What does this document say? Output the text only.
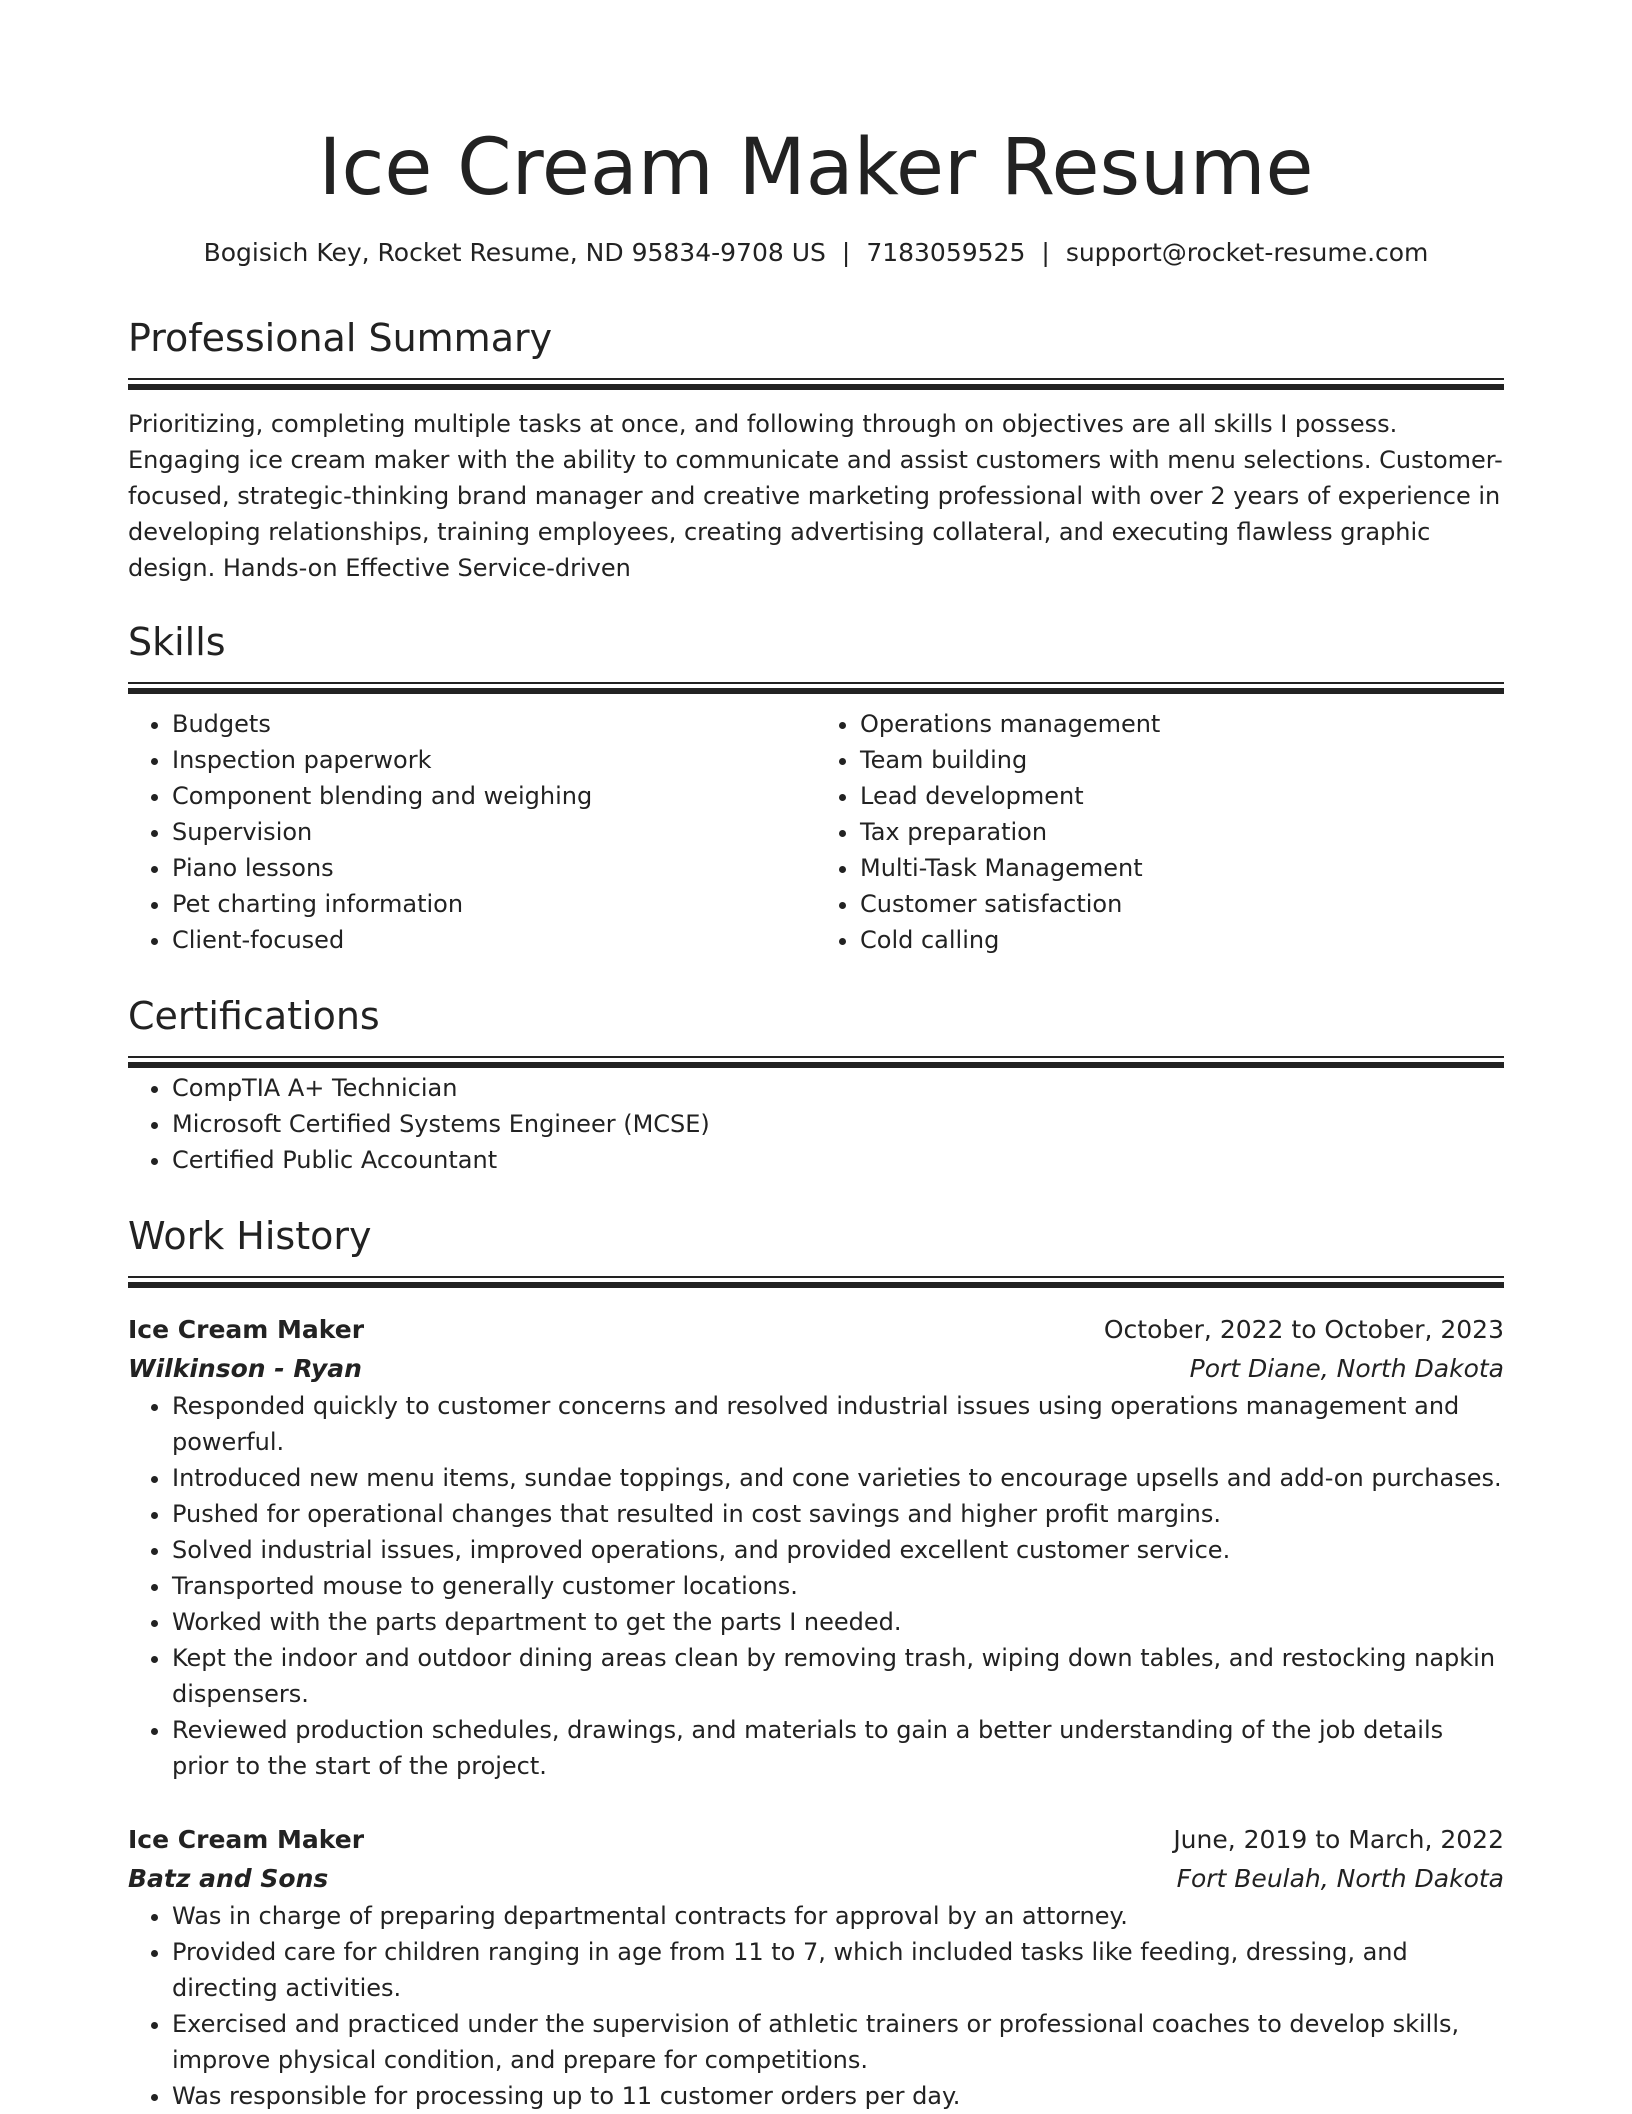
Ice Cream Maker Resume
Bogisich Key, Rocket Resume, ND 95834-9708 US | 7183059525 | support@rocket-resume.com
Professional Summary

Prioritizing, completing multiple tasks at once, and following through on objectives are all skills I possess. Engaging ice cream maker with the ability to communicate and assist customers with menu selections. Customer-focused, strategic-thinking brand manager and creative marketing professional with over 2 years of experience in developing relationships, training employees, creating advertising collateral, and executing flawless graphic design. Hands-on Effective Service-driven

Skills
• Budgets
• Inspection paperwork
• Component blending and weighing
• Supervision
• Piano lessons
• Pet charting information
• Client-focused
• Operations management
• Team building
• Lead development
• Tax preparation
• Multi-Task Management
• Customer satisfaction
• Cold calling
Certifications
• CompTIA A+ Technician
• Microsoft Certified Systems Engineer (MCSE)
• Certified Public Accountant
Work History
Ice Cream Maker	October, 2022 to October, 2023
Wilkinson - Ryan	Port Diane, North Dakota
• Responded quickly to customer concerns and resolved industrial issues using operations management and powerful.
• Introduced new menu items, sundae toppings, and cone varieties to encourage upsells and add-on purchases.
• Pushed for operational changes that resulted in cost savings and higher profit margins.
• Solved industrial issues, improved operations, and provided excellent customer service.
• Transported mouse to generally customer locations.
• Worked with the parts department to get the parts I needed.
• Kept the indoor and outdoor dining areas clean by removing trash, wiping down tables, and restocking napkin dispensers.
• Reviewed production schedules, drawings, and materials to gain a better understanding of the job details prior to the start of the project.
Ice Cream Maker	June, 2019 to March, 2022
Batz and Sons	Fort Beulah, North Dakota
• Was in charge of preparing departmental contracts for approval by an attorney.
• Provided care for children ranging in age from 11 to 7, which included tasks like feeding, dressing, and directing activities.
• Exercised and practiced under the supervision of athletic trainers or professional coaches to develop skills, improve physical condition, and prepare for competitions.
• Was responsible for processing up to 11 customer orders per day.
